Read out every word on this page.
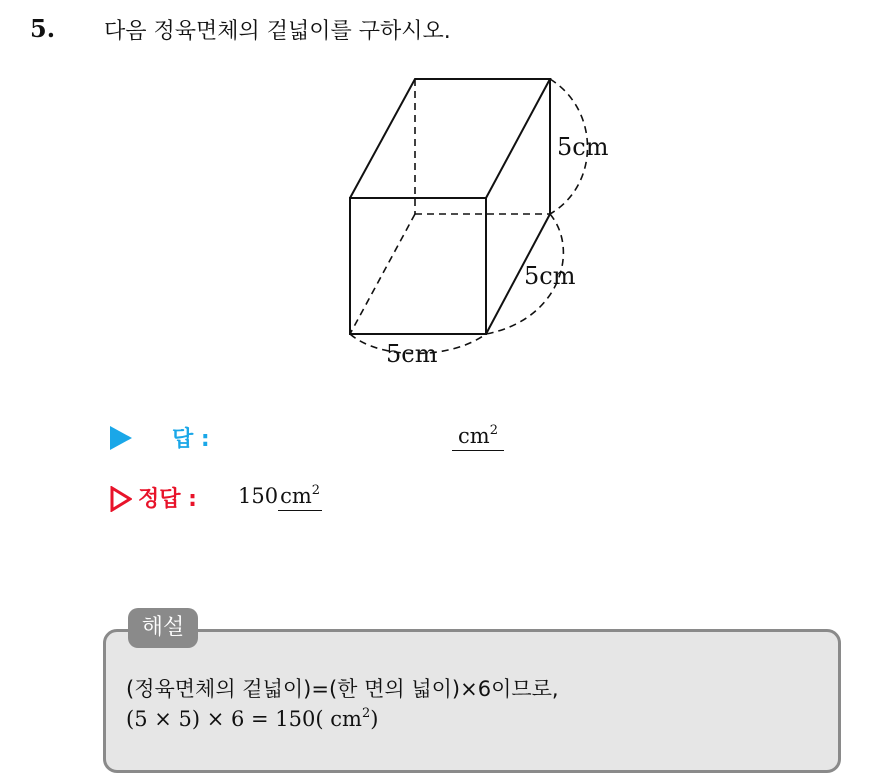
5. 다음 정육면체의 겉넓이를 구하시오.
5cm
5cm
5cm
답 :	$cm^2$
정답 : $150cm^2$
해설
(정육면체의 겉넓이)=(한 면의 넓이)×6이므로,
(5 × 5) × 6 = 150( $cm^2$)
